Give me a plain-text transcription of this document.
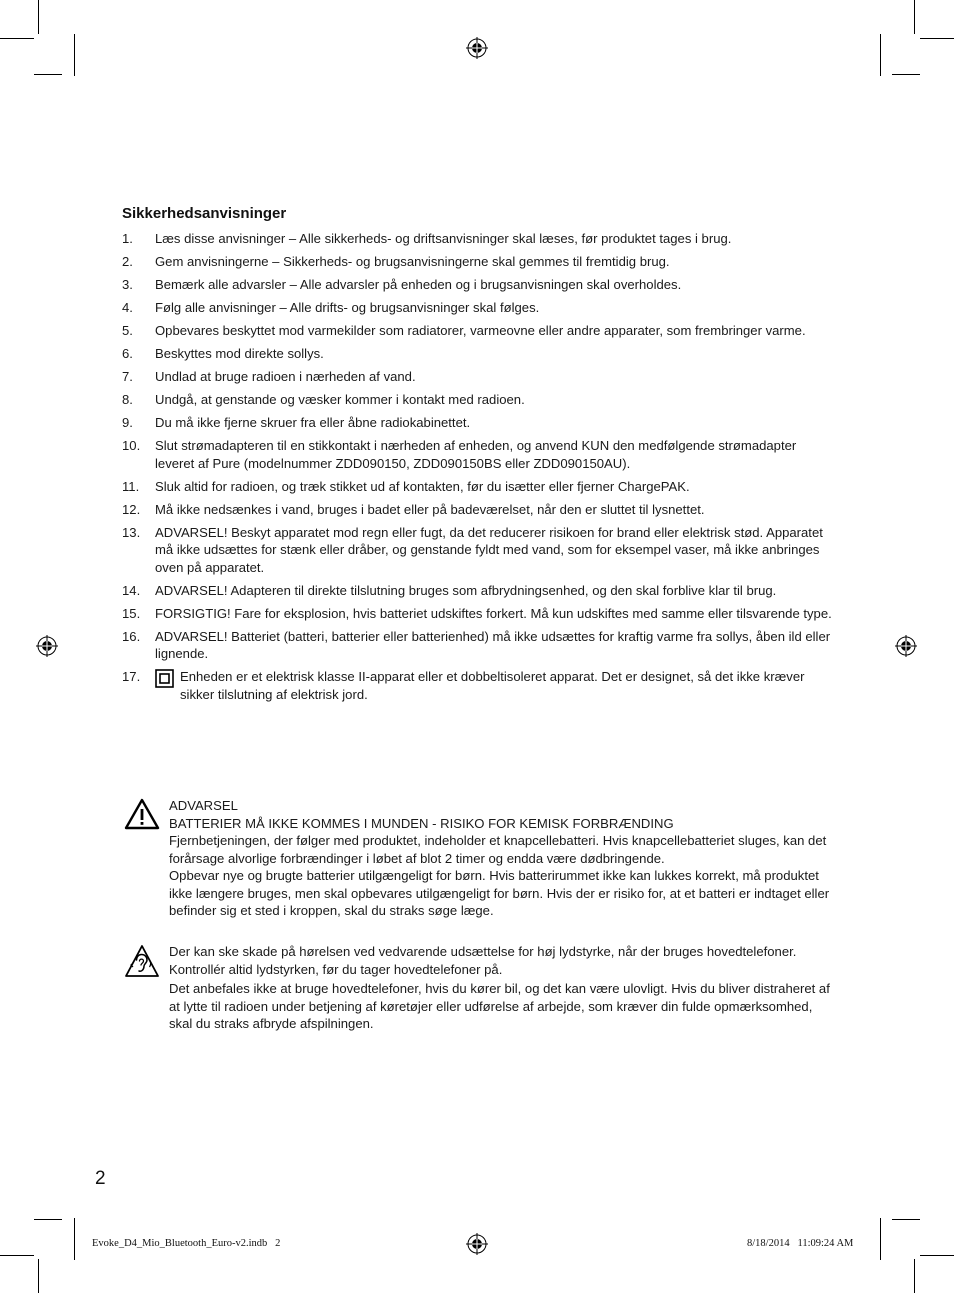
Sikkerhedsanvisninger
1.	Læs disse anvisninger – Alle sikkerheds- og driftsanvisninger skal læses, før produktet tages i brug.
2.	Gem anvisningerne – Sikkerheds- og brugsanvisningerne skal gemmes til fremtidig brug.
3.	Bemærk alle advarsler – Alle advarsler på enheden og i brugsanvisningen skal overholdes.
4.	Følg alle anvisninger – Alle drifts- og brugsanvisninger skal følges.
5.	Opbevares beskyttet mod varmekilder som radiatorer, varmeovne eller andre apparater, som frembringer varme.
6.	Beskyttes mod direkte sollys.
7.	Undlad at bruge radioen i nærheden af vand.
8.	Undgå, at genstande og væsker kommer i kontakt med radioen.
9.	Du må ikke fjerne skruer fra eller åbne radiokabinettet.
10.	Slut strømadapteren til en stikkontakt i nærheden af enheden, og anvend KUN den medfølgende strømadapter leveret af Pure (modelnummer ZDD090150, ZDD090150BS eller ZDD090150AU).
11.	Sluk altid for radioen, og træk stikket ud af kontakten, før du isætter eller fjerner ChargePAK.
12.	Må ikke nedsænkes i vand, bruges i badet eller på badeværelset, når den er sluttet til lysnettet.
13.	ADVARSEL! Beskyt apparatet mod regn eller fugt, da det reducerer risikoen for brand eller elektrisk stød. Apparatet må ikke udsættes for stænk eller dråber, og genstande fyldt med vand, som for eksempel vaser, må ikke anbringes oven på apparatet.
14.	ADVARSEL! Adapteren til direkte tilslutning bruges som afbrydningsenhed, og den skal forblive klar til brug.
15.	FORSIGTIG! Fare for eksplosion, hvis batteriet udskiftes forkert. Må kun udskiftes med samme eller tilsvarende type.
16.	ADVARSEL! Batteriet (batteri, batterier eller batterienhed) må ikke udsættes for kraftig varme fra sollys, åben ild eller lignende.
17.	Enheden er et elektrisk klasse II-apparat eller et dobbeltisoleret apparat. Det er designet, så det ikke kræver sikker tilslutning af elektrisk jord.

ADVARSEL

BATTERIER MÅ IKKE KOMMES I MUNDEN - RISIKO FOR KEMISK FORBRÆNDING

Fjernbetjeningen, der følger med produktet, indeholder et knapcellebatteri. Hvis knapcellebatteriet sluges, kan det forårsage alvorlige forbrændinger i løbet af blot 2 timer og endda være dødbringende.

Opbevar nye og brugte batterier utilgængeligt for børn. Hvis batterirummet ikke kan lukkes korrekt, må produktet ikke længere bruges, men skal opbevares utilgængeligt for børn. Hvis der er risiko for, at et batteri er indtaget eller befinder sig et sted i kroppen, skal du straks søge læge.

Der kan ske skade på hørelsen ved vedvarende udsættelse for høj lydstyrke, når der bruges hovedtelefoner. Kontrollér altid lydstyrken, før du tager hovedtelefoner på.

Det anbefales ikke at bruge hovedtelefoner, hvis du kører bil, og det kan være ulovligt. Hvis du bliver distraheret af at lytte til radioen under betjening af køretøjer eller udførelse af arbejde, som kræver din fulde opmærksomhed, skal du straks afbryde afspilningen.

2
Evoke_D4_Mio_Bluetooth_Euro-v2.indb   2	8/18/2014   11:09:24 AM
